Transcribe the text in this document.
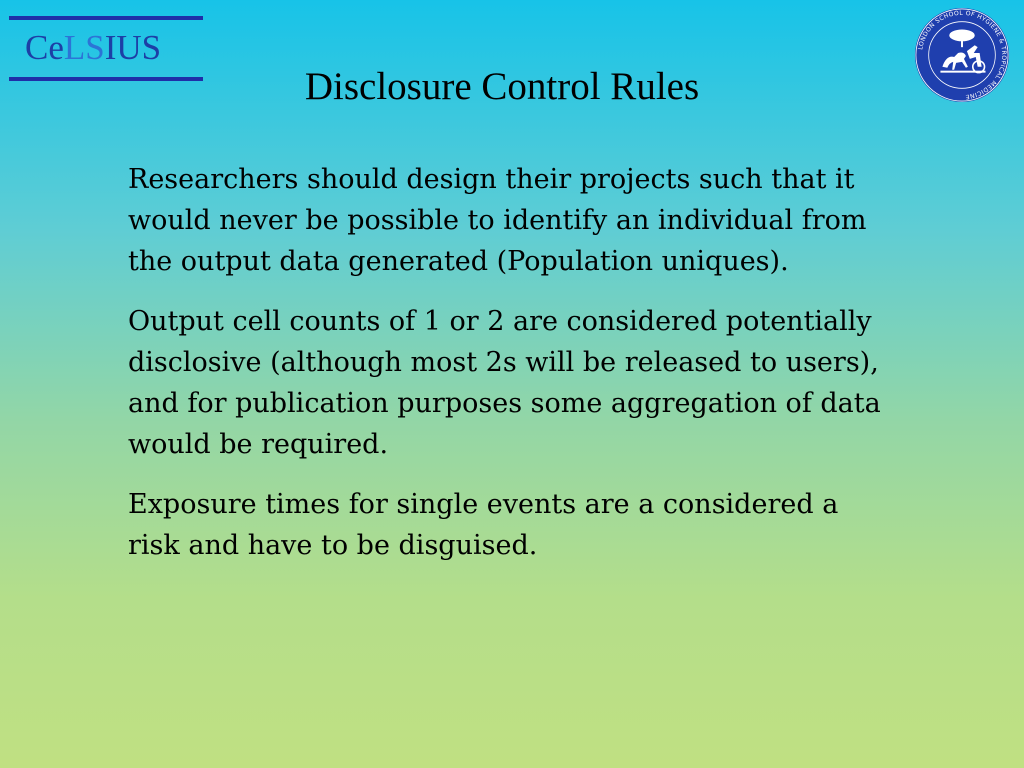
CeLSIUS
Disclosure Control Rules
LONDON SCHOOL OF HYGIENE & TROPICAL MEDICINE

Researchers should design their projects such that it would never be possible to identify an individual from the output data generated (Population uniques).

Output cell counts of 1 or 2 are considered potentially disclosive (although most 2s will be released to users), and for publication purposes some aggregation of data would be required.

Exposure times for single events are a considered a risk and have to be disguised.
